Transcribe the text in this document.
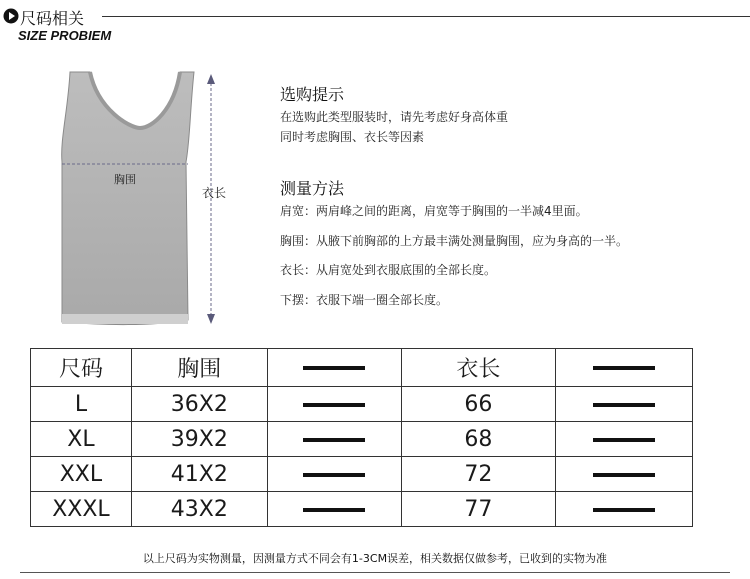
尺码相关
SIZE PROBIEM
胸围
衣长
选购提示
在选购此类型服装时，请先考虑好身高体重
同时考虑胸围、衣长等因素
测量方法
肩宽：两肩峰之间的距离，肩宽等于胸围的一半减4里面。
胸围：从腋下前胸部的上方最丰满处测量胸围，应为身高的一半。
衣长：从肩宽处到衣服底围的全部长度。
下摆：衣服下端一圈全部长度。
尺码	胸围		衣长	
L	36X2		66	
XL	39X2		68	
XXL	41X2		72	
XXXL	43X2		77	
以上尺码为实物测量，因测量方式不同会有1-3CM误差，相关数据仅做参考，已收到的实物为准
